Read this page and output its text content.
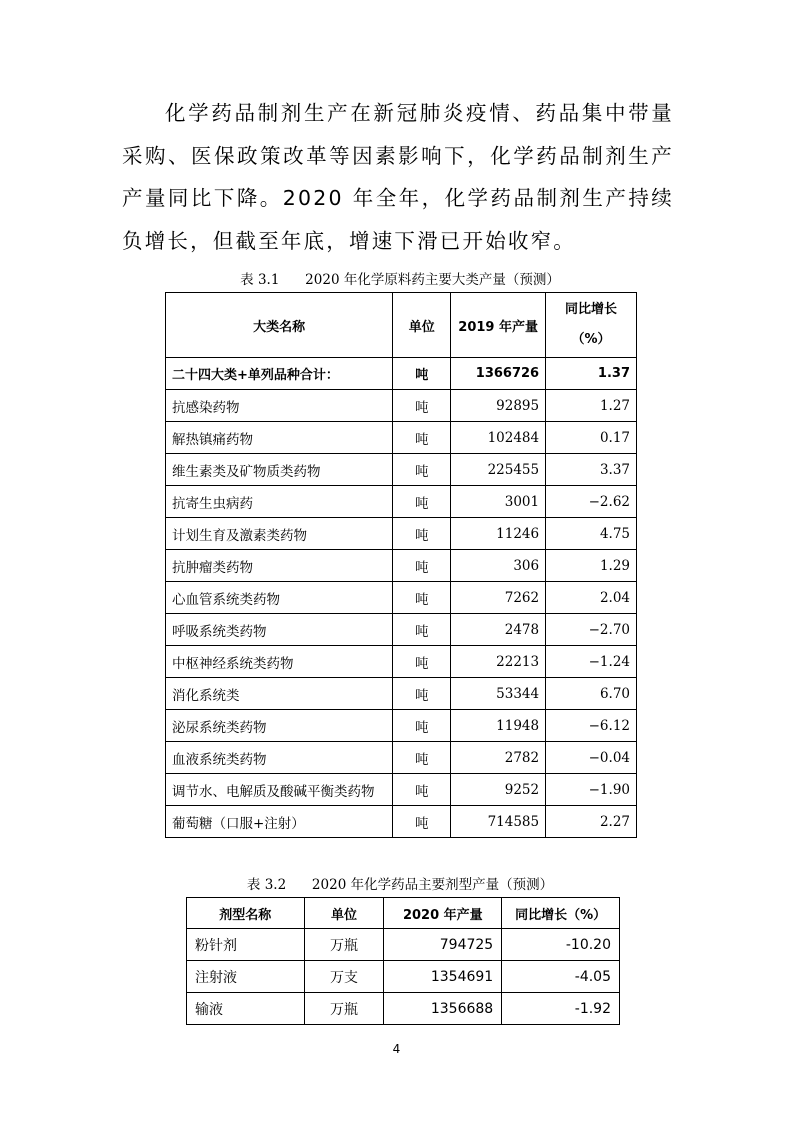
化学药品制剂生产在新冠肺炎疫情、药品集中带量采购、医保政策改革等因素影响下，化学药品制剂生产产量同比下降。2020 年全年，化学药品制剂生产持续负增长，但截至年底，增速下滑已开始收窄。

表 3.1      2020 年化学原料药主要大类产量（预测）
大类名称	单位	2019 年产量	同比增长
（%）
二十四大类+单列品种合计：	吨	1366726	1.37
抗感染药物	吨	92895	1.27
解热镇痛药物	吨	102484	0.17
维生素类及矿物质类药物	吨	225455	3.37
抗寄生虫病药	吨	3001	−2.62
计划生育及激素类药物	吨	11246	4.75
抗肿瘤类药物	吨	306	1.29
心血管系统类药物	吨	7262	2.04
呼吸系统类药物	吨	2478	−2.70
中枢神经系统类药物	吨	22213	−1.24
消化系统类	吨	53344	6.70
泌尿系统类药物	吨	11948	−6.12
血液系统类药物	吨	2782	−0.04
调节水、电解质及酸碱平衡类药物	吨	9252	−1.90
葡萄糖（口服+注射）	吨	714585	2.27
表 3.2      2020 年化学药品主要剂型产量（预测）
剂型名称	单位	2020 年产量	同比增长（%）
粉针剂	万瓶	794725	-10.20
注射液	万支	1354691	-4.05
输液	万瓶	1356688	-1.92
4
